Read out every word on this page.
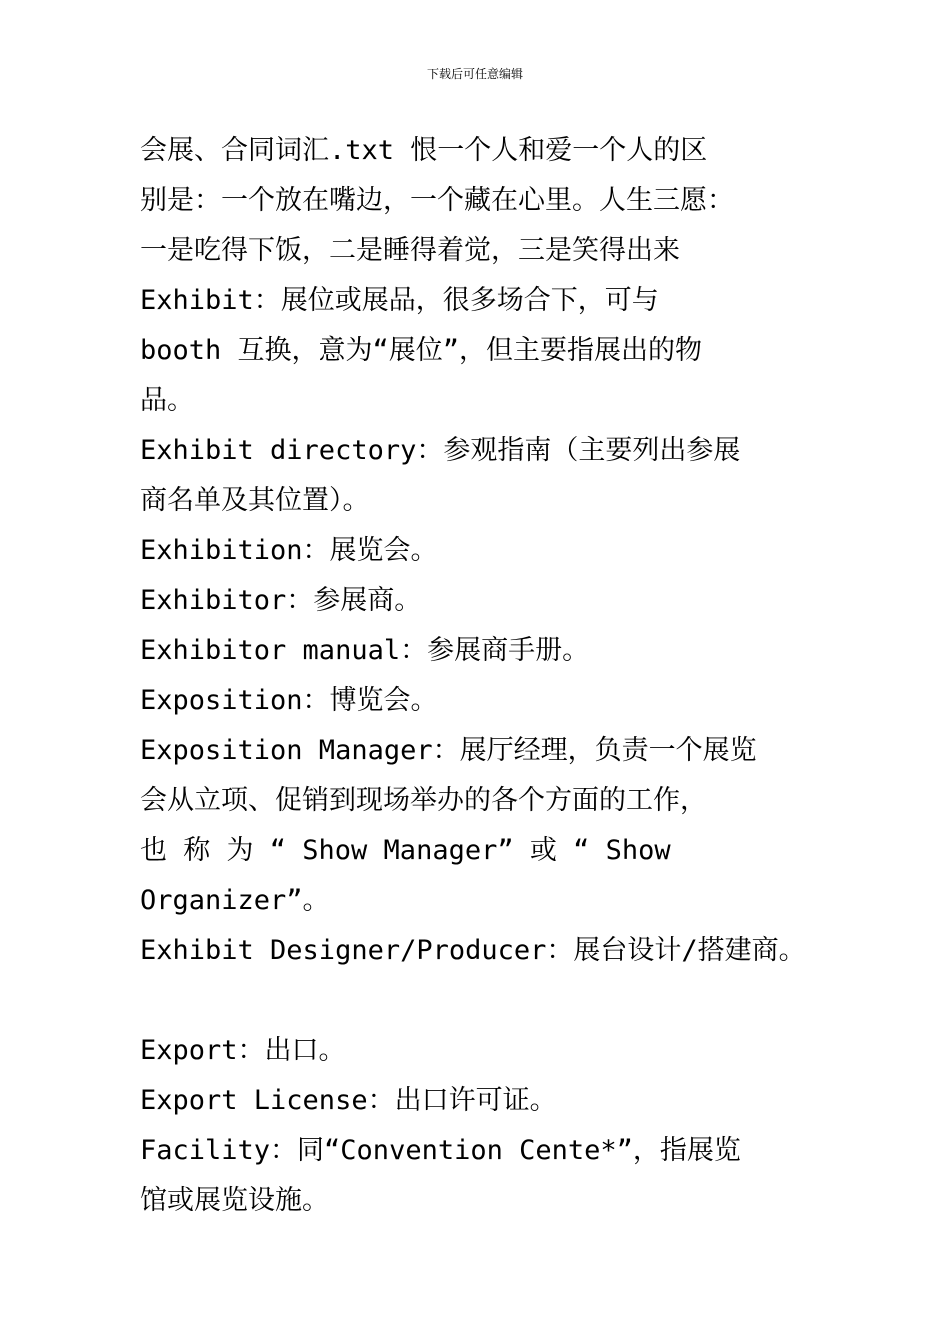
下载后可任意编辑

会展、合同词汇.txt 恨一个人和爱一个人的区

别是：一个放在嘴边，一个藏在心里。人生三愿：

一是吃得下饭，二是睡得着觉，三是笑得出来

Exhibit：展位或展品，很多场合下，可与

booth 互换，意为“展位”，但主要指展出的物

品。

Exhibit directory：参观指南（主要列出参展

商名单及其位置）。

Exhibition：展览会。

Exhibitor：参展商。

Exhibitor manual：参展商手册。

Exposition：博览会。

Exposition Manager：展厅经理，负责一个展览

会从立项、促销到现场举办的各个方面的工作，

也 称 为 “ Show Manager” 或 “ Show

Organizer”。

Exhibit Designer/Producer：展台设计/搭建商。

Export：出口。

Export License：出口许可证。

Facility：同“Convention Cente*”，指展览

馆或展览设施。
